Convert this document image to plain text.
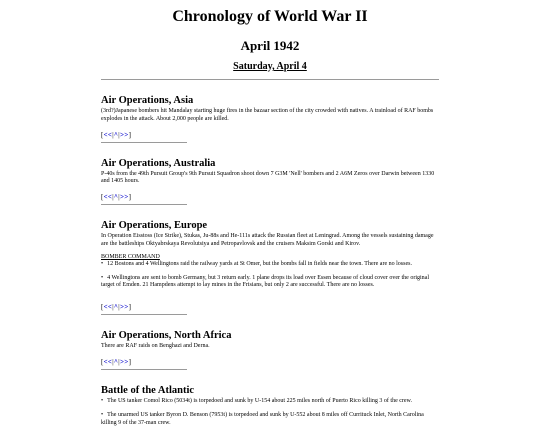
Chronology of World War II
April 1942
Saturday, April 4
Air Operations, Asia

(3rd?)Japanese bombers hit Mandalay starting huge fires in the bazaar section of the city crowded with natives. A trainload of RAF bombs explodes in the attack. About 2,000 people are killed.

[<<|^|>>]
Air Operations, Australia

P-40s from the 49th Pursuit Group's 9th Pursuit Squadron shoot down 7 G3M 'Nell' bombers and 2 A6M Zeros over Darwin between 1330 and 1405 hours.

[<<|^|>>]
Air Operations, Europe

In Operation Eisstoss (Ice Strike), Stukas, Ju-88s and He-111s attack the Russian fleet at Leningrad. Among the vessels sustaining damage are the battleships Oktyabrskaya Revolutsiya and Petropavlovsk and the cruisers Maksim Gorski and Kirov.

BOMBER COMMAND
• 12 Bostons and 4 Wellingtons raid the railway yards at St Omer, but the bombs fall in fields near the town. There are no losses.
• 4 Wellingtons are sent to bomb Germany, but 3 return early. 1 plane drops its load over Essen because of cloud cover over the original target of Emden. 21 Hampdens attempt to lay mines in the Frisians, but only 2 are successful. There are no losses.
[<<|^|>>]
Air Operations, North Africa

There are RAF raids on Benghazi and Derna.

[<<|^|>>]
Battle of the Atlantic
• The US tanker Comol Rico (5034t) is torpedoed and sunk by U-154 about 225 miles north of Puerto Rico killing 3 of the crew.
• The unarmed US tanker Byron D. Benson (7953t) is torpedoed and sunk by U-552 about 8 miles off Currituck Inlet, North Carolina killing 9 of the 37-man crew.
